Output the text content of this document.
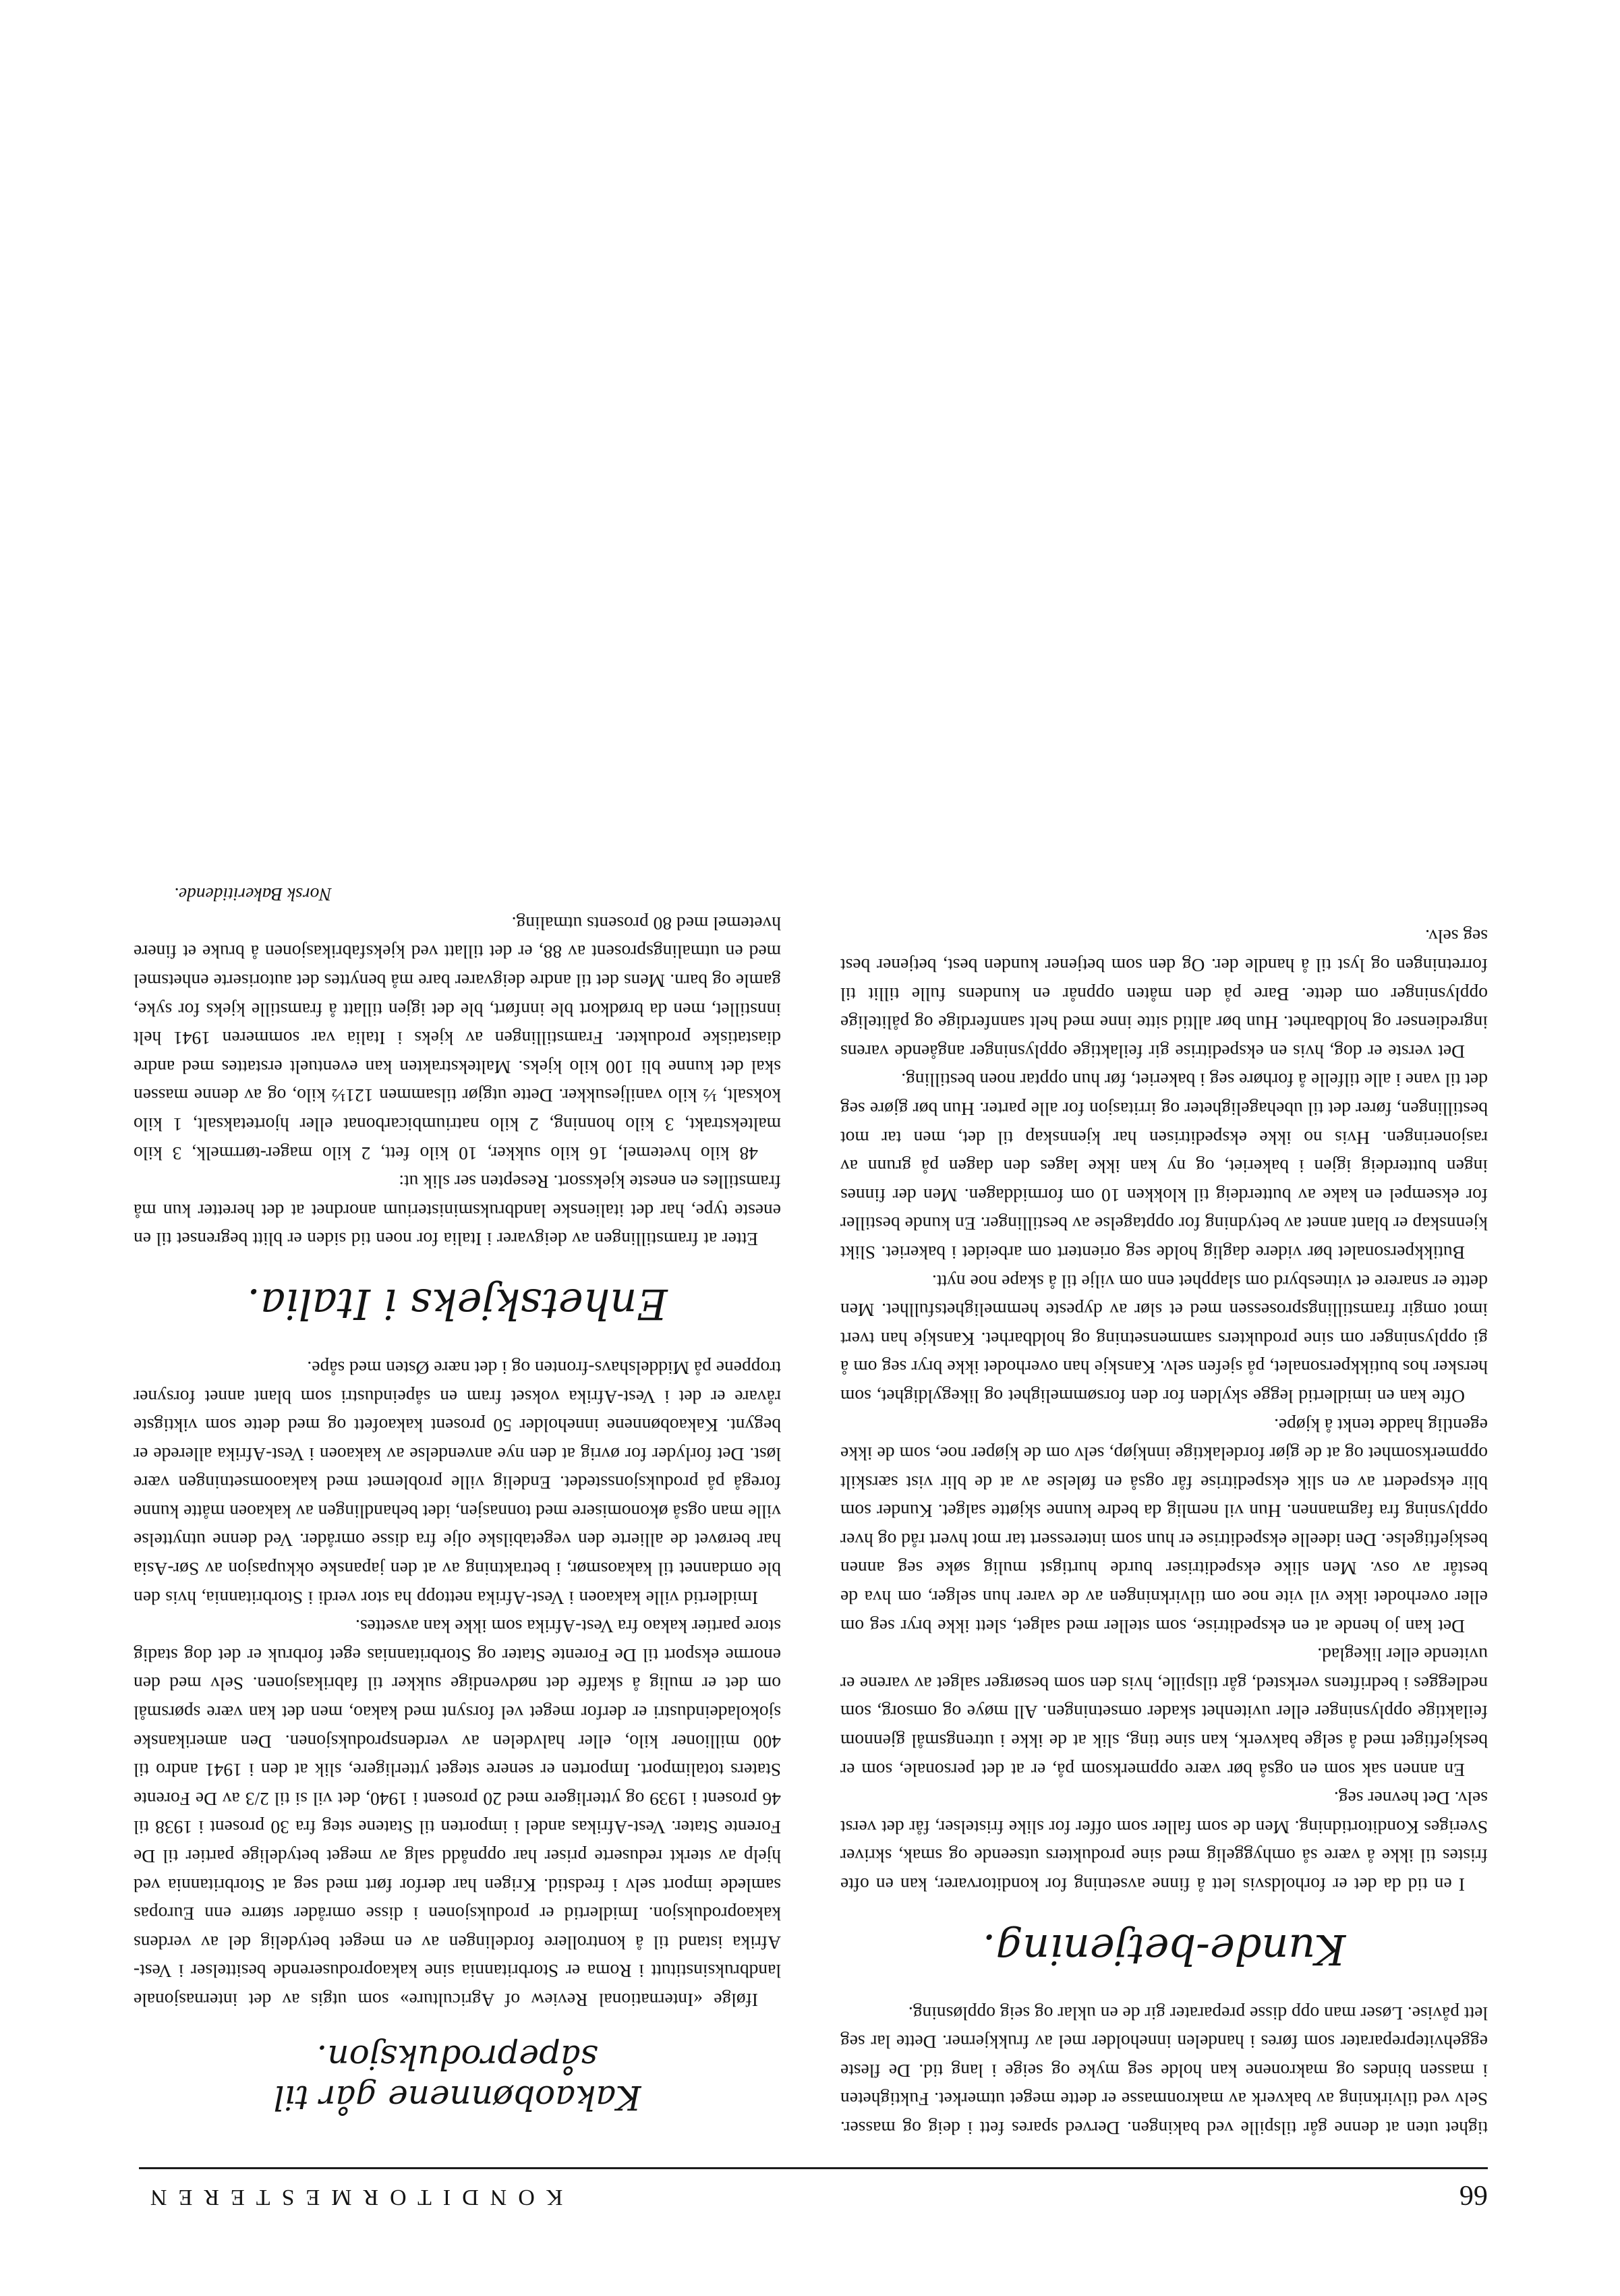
66
KONDITORMESTEREN

tighet uten at denne går tilspille ved bakingen. Derved spares fett i deig og masser. Selv ved tilvirkning av bakverk av makronmasse er dette meget utmerket. Fuktigheten i massen bindes og makronene kan holde seg myke og seige i lang tid. De fleste eggehvitepreparater som føres i handelen inneholder mel av frukkjerner. Dette lar seg lett påvise. Løser man opp disse preparater gir de en uklar og seig oppløsning.

Kunde-betjening.

I en tid da det er forholdsvis lett å finne avsetning for konditorvarer, kan en ofte fristes til ikke å være så omhyggelig med sine produkters utseende og smak, skriver Sveriges Konditortidning. Men de som faller som offer for slike fristelser, får det verst selv. Det hevner seg.

En annen sak som en også bør være oppmerksom på, er at det personale, som er beskjeftiget med å selge bakverk, kan sine ting, slik at de ikke i utrengsmål gjennom feilaktige opplysninger eller uvitenhet skader omsetningen. All møye og omsorg, som nedlegges i bedriftens verksted, går tilspille, hvis den som besørger salget av varene er uvitende eller likeglad.

Det kan jo hende at en ekspeditrise, som steller med salget, slett ikke bryr seg om eller overhodet ikke vil vite noe om tilvirkningen av de varer hun selger, om hva de består av osv. Men slike ekspeditriser burde hurtigst mulig søke seg annen beskjeftigelse. Den ideelle ekspeditrise er hun som interessert tar mot hvert råd og hver opplysning fra fagmannen. Hun vil nemlig da bedre kunne skjøtte salget. Kunder som blir ekspedert av en slik ekspeditrise får også en følelse av at de blir vist særskilt oppmerksomhet og at de gjør fordelaktige innkjøp, selv om de kjøper noe, som de ikke egentlig hadde tenkt å kjøpe.

Ofte kan en imidlertid legge skylden for den forsømmelighet og likegyldighet, som hersker hos butikkpersonalet, på sjefen selv. Kanskje han overhodet ikke bryr seg om å gi opplysninger om sine produkters sammensetning og holdbarhet. Kanskje han tvert imot omgir framstillingsprosessen med et slør av dypeste hemmelighetsfullhet. Men dette er snarere et vitnesbyrd om slapphet enn om vilje til å skape noe nytt.

Butikkpersonalet bør videre daglig holde seg orientert om arbeidet i bakeriet. Slikt kjennskap er blant annet av betydning for opptagelse av bestillinger. En kunde bestiller for eksempel en kake av butterdeig til klokken 10 om formiddagen. Men der finnes ingen butterdeig igjen i bakeriet, og ny kan ikke lages den dagen på grunn av rasjoneringen. Hvis no ikke ekspeditrisen har kjennskap til det, men tar mot bestillingen, fører det til ubehageligheter og irritasjon for alle parter. Hun bør gjøre seg det til vane i alle tilfelle å forhøre seg i bakeriet, før hun opptar noen bestilling.

Det verste er dog, hvis en ekspeditrise gir feilaktige opplysninger angående varens ingredienser og holdbarhet. Hun bør alltid sitte inne med helt sannferdige og pålitelige opplysninger om dette. Bare på den måten oppnår en kundens fulle tillit til forretningen og lyst til å handle der. Og den som betjener kunden best, betjener best seg selv.

Kakaobønnene går til såpeproduksjon.

Ifølge «International Review of Agriculture» som utgis av det internasjonale landbruksinstitutt i Roma er Storbritannia sine kakaoproduserende besittelser i Vest-Afrika istand til å kontrollere fordelingen av en meget betydelig del av verdens kakaoproduksjon. Imidlertid er produksjonen i disse områder større enn Europas samlede import selv i fredstid. Krigen har derfor ført med seg at Storbritannia ved hjelp av sterkt reduserte priser har oppnådd salg av meget betydelige partier til De Forente Stater. Vest-Afrikas andel i importen til Statene steg fra 30 prosent i 1938 til 46 prosent i 1939 og ytterligere med 20 prosent i 1940, det vil si til 2/3 av De Forente Staters totalimport. Importen er senere steget ytterligere, slik at den i 1941 andro til 400 millioner kilo, eller halvdelen av verdensproduksjonen. Den amerikanske sjokoladeindustri er derfor meget vel forsynt med kakao, men det kan være spørsmål om det er mulig å skaffe det nødvendige sukker til fabrikasjonen. Selv med den enorme eksport til De Forente Stater og Storbritannias eget forbruk er det dog stadig store partier kakao fra Vest-Afrika som ikke kan avsettes.

Imidlertid ville kakaoen i Vest-Afrika nettopp ha stor verdi i Storbritannia, hvis den ble omdannet til kakaosmør, i betraktning av at den japanske okkupasjon av Sør-Asia har berøvet de allierte den vegetabilske olje fra disse områder. Ved denne utnyttelse ville man også økonomisere med tonnasjen, idet behandlingen av kakaoen måtte kunne foregå på produksjonsstedet. Endelig ville problemet med kakaoomsetningen være løst. Det forlyder for øvrig at den nye anvendelse av kakaoen i Vest-Afrika allerede er begynt. Kakaobønnene inneholder 50 prosent kakaofett og med dette som viktigste råvare er det i Vest-Afrika vokset fram en såpeindustri som blant annet forsyner troppene på Middelshavs-fronten og i det nære Østen med såpe.

Enhetskjeks i Italia.

Etter at framstillingen av deigvarer i Italia for noen tid siden er blitt begrenset til en eneste type, har det italienske landbruksministerium anordnet at det heretter kun må framstilles en eneste kjekssort. Resepten ser slik ut:

48 kilo hvetemel, 16 kilo sukker, 10 kilo fett, 2 kilo mager-tørrmelk, 3 kilo maltekstrakt, 3 kilo honning, 2 kilo natriumbicarbonat eller hjortetaksalt, 1 kilo koksalt, ½ kilo vaniljesukker. Dette utgjør tilsammen 121½ kilo, og av denne massen skal det kunne bli 100 kilo kjeks. Maltekstrakten kan eventuelt erstattes med andre diastatiske produkter. Framstillingen av kjeks i Italia var sommeren 1941 helt innstillet, men da brødkort ble innført, ble det igjen tillatt å framstille kjeks for syke, gamle og barn. Mens det til andre deigvarer bare må benyttes det autoriserte enhetsmel med en utmalingsprosent av 88, er det tillatt ved kjeksfabrikasjonen å bruke et finere hvetemel med 80 prosents utmaling.

Norsk Bakeritidende.
